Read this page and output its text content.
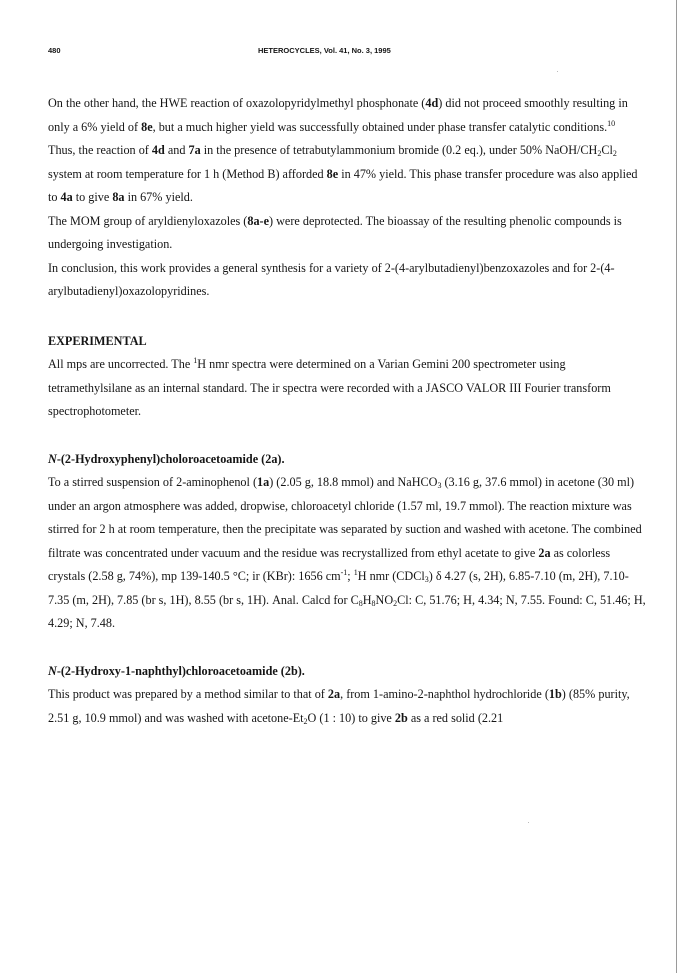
480	HETEROCYCLES, Vol. 41, No. 3, 1995

On the other hand, the HWE reaction of oxazolopyridylmethyl phosphonate (4d) did not proceed smoothly resulting in only a 6% yield of 8e, but a much higher yield was successfully obtained under phase transfer catalytic conditions.$^{10}$

Thus, the reaction of 4d and 7a in the presence of tetrabutylammonium bromide (0.2 eq.), under 50% NaOH/$CH_2Cl_2$ system at room temperature for 1 h (Method B) afforded 8e in 47% yield. This phase transfer procedure was also applied to 4a to give 8a in 67% yield.

The MOM group of aryldienyloxazoles (8a-e) were deprotected. The bioassay of the resulting phenolic compounds is undergoing investigation.

In conclusion, this work provides a general synthesis for a variety of 2-(4-arylbutadienyl)benzoxazoles and for 2-(4-arylbutadienyl)oxazolopyridines.

EXPERIMENTAL

All mps are uncorrected. The $^1$H nmr spectra were determined on a Varian Gemini 200 spectrometer using tetramethylsilane as an internal standard. The ir spectra were recorded with a JASCO VALOR III Fourier transform spectrophotometer.

N-(2-Hydroxyphenyl)choloroacetoamide (2a).

To a stirred suspension of 2-aminophenol (1a) (2.05 g, 18.8 mmol) and NaHCO$_3$ (3.16 g, 37.6 mmol) in acetone (30 ml) under an argon atmosphere was added, dropwise, chloroacetyl chloride (1.57 ml, 19.7 mmol). The reaction mixture was stirred for 2 h at room temperature, then the precipitate was separated by suction and washed with acetone. The combined filtrate was concentrated under vacuum and the residue was recrystallized from ethyl acetate to give 2a as colorless crystals (2.58 g, 74%), mp 139-140.5 °C; ir (KBr): 1656 $cm^{-1}$; $^1$H nmr (CDCl$_3$) δ 4.27 (s, 2H), 6.85-7.10 (m, 2H), 7.10-7.35 (m, 2H), 7.85 (br s, 1H), 8.55 (br s, 1H). Anal. Calcd for $C_8H_8NO_2Cl$: C, 51.76; H, 4.34; N, 7.55. Found: C, 51.46; H, 4.29; N, 7.48.

N-(2-Hydroxy-1-naphthyl)chloroacetoamide (2b).

This product was prepared by a method similar to that of 2a, from 1-amino-2-naphthol hydrochloride (1b) (85% purity, 2.51 g, 10.9 mmol) and was washed with acetone-$Et_2O$ (1 : 10) to give 2b as a red solid (2.21
